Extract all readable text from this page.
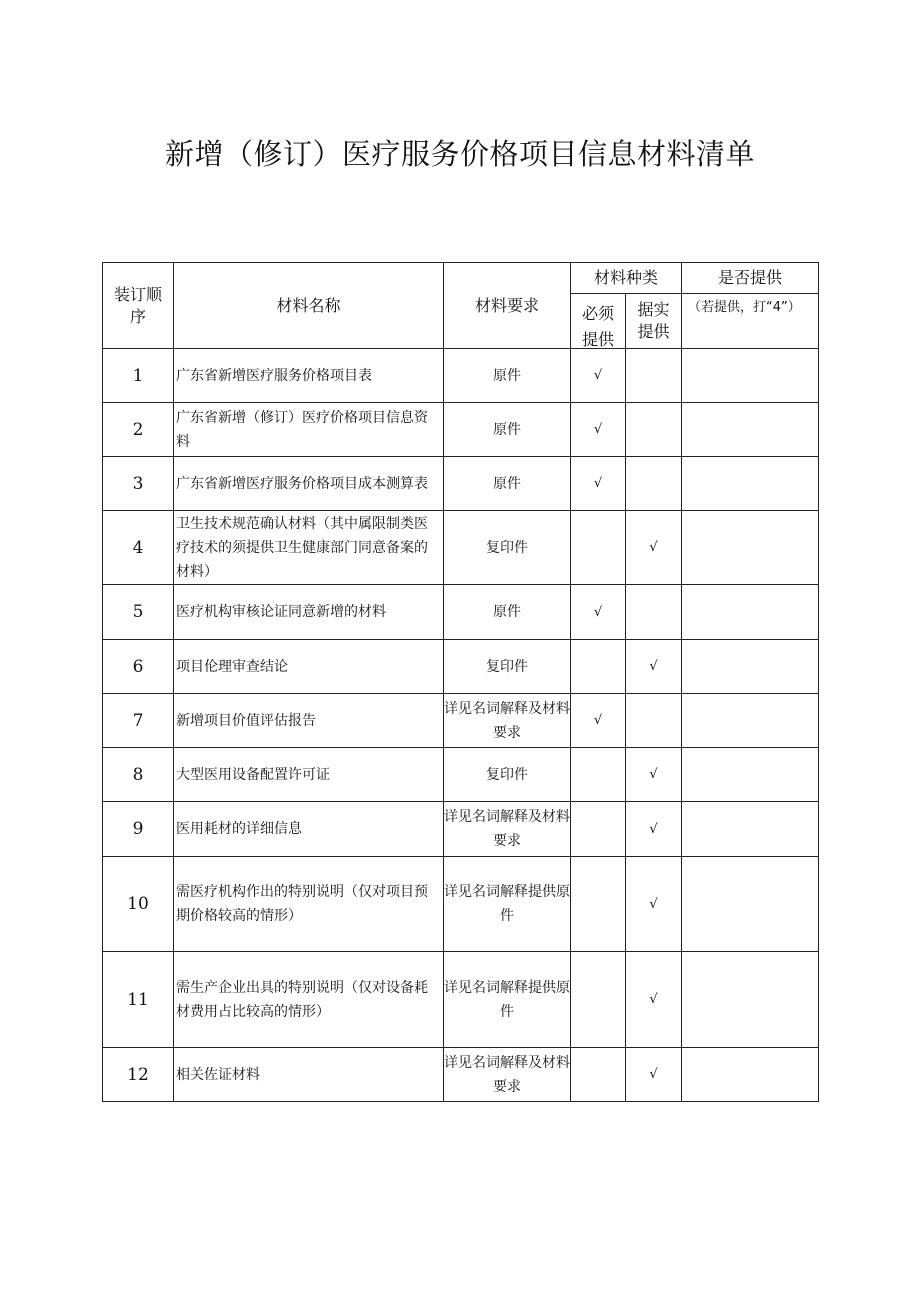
新增（修订）医疗服务价格项目信息材料清单
装订顺序	材料名称	材料要求	材料种类		是否提供

			必须提供	据实提供	（若提供，打“4”）
1	广东省新增医疗服务价格项目表	原件	√		
2	广东省新增（修订）医疗价格项目信息资料	原件	√		
3	广东省新增医疗服务价格项目成本测算表	原件	√		
4	卫生技术规范确认材料（其中属限制类医疗技术的须提供卫生健康部门同意备案的材料）	复印件		√	
5	医疗机构审核论证同意新增的材料	原件	√		
6	项目伦理审查结论	复印件		√	
7	新增项目价值评估报告	详见名词解释及材料要求	√		
8	大型医用设备配置许可证	复印件		√	
9	医用耗材的详细信息	详见名词解释及材料要求		√	
10	需医疗机构作出的特别说明（仅对项目预期价格较高的情形）	详见名词解释提供原件		√	
11	需生产企业出具的特别说明（仅对设备耗材费用占比较高的情形）	详见名词解释提供原件		√	
12	相关佐证材料	详见名词解释及材料要求		√	
